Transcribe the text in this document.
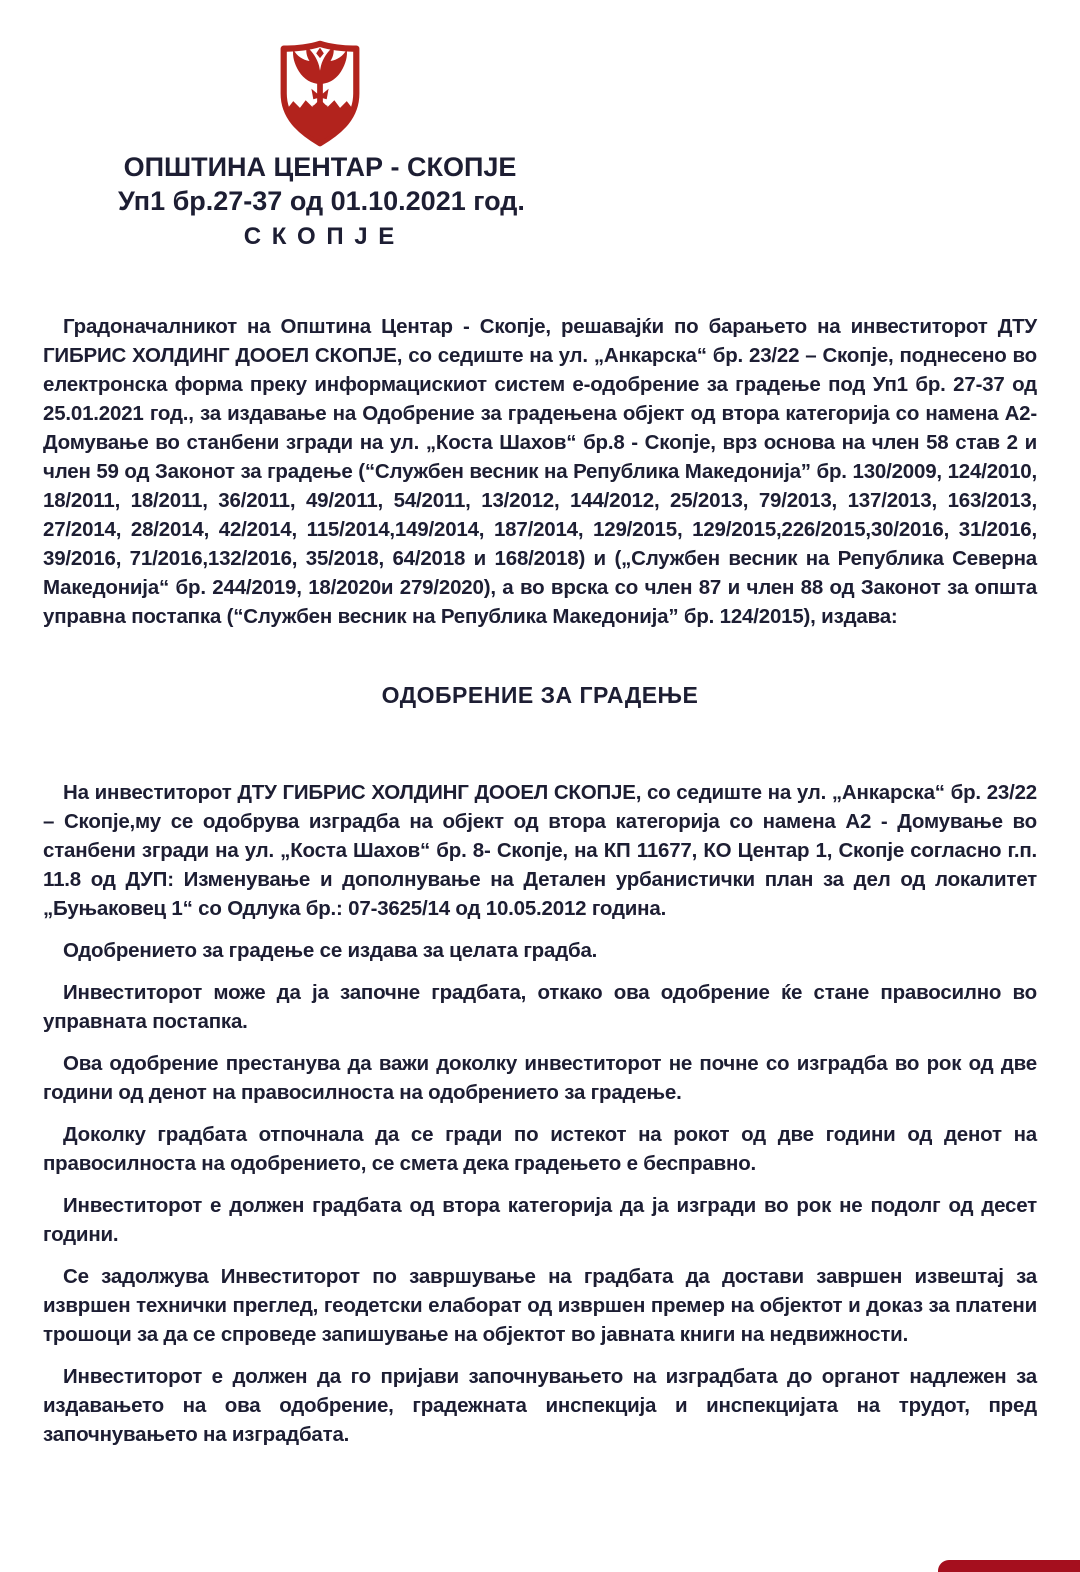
ОПШТИНА ЦЕНТАР - СКОПЈЕ
Уп1 бр.27-37 од 01.10.2021 год.
С К О П Ј Е

Градоначалникот на Општина Центар - Скопје, решавајќи по барањето на инвеститорот ДТУ ГИБРИС ХОЛДИНГ ДООЕЛ СКОПЈЕ, со седиште на ул. „Анкарска“ бр. 23/22 – Скопје, поднесено во електронска форма преку информацискиот систем е-одобрение за градење под Уп1 бр. 27-37 од 25.01.2021 год., за издавање на Одобрение за градењена објект од втора категорија со намена А2-Домување во станбени згради на ул. „Коста Шахов“ бр.8 - Скопје, врз основа на член 58 став 2 и член 59 од Законот за градење (“Службен весник на Република Македонија” бр. 130/2009, 124/2010, 18/2011, 18/2011, 36/2011, 49/2011, 54/2011, 13/2012, 144/2012, 25/2013, 79/2013, 137/2013, 163/2013, 27/2014, 28/2014, 42/2014, 115/2014,149/2014, 187/2014, 129/2015, 129/2015,226/2015,30/2016, 31/2016, 39/2016, 71/2016,132/2016, 35/2018, 64/2018 и 168/2018) и („Службен весник на Република Северна Македонија“ бр. 244/2019, 18/2020и 279/2020), а во врска со член 87 и член 88 од Законот за општа управна постапка (“Службен весник на Република Македонија” бр. 124/2015), издава:

ОДОБРЕНИЕ ЗА ГРАДЕЊЕ

На инвеститорот ДТУ ГИБРИС ХОЛДИНГ ДООЕЛ СКОПЈЕ, со седиште на ул. „Анкарска“ бр. 23/22 – Скопје,му се одобрува изградба на објект од втора категорија со намена А2 - Домување во станбени згради на ул. „Коста Шахов“ бр. 8- Скопје, на КП 11677, КО Центар 1, Скопје согласно г.п. 11.8 од ДУП: Изменување и дополнување на Детален урбанистички план за дел од локалитет „Буњаковец 1“ со Одлука бр.: 07-3625/14 од 10.05.2012 година.

Одобрението за градење се издава за целата градба.

Инвеститорот може да ја започне градбата, откако ова одобрение ќе стане правосилно во управната постапка.

Ова одобрение престанува да важи доколку инвеститорот не почне со изградба во рок од две години од денот на правосилноста на одобрението за градење.

Доколку градбата отпочнала да се гради по истекот на рокот од две години од денот на правосилноста на одобрението, се смета дека градењето е бесправно.

Инвеститорот е должен градбата од втора категорија да ја изгради во рок не подолг од десет години.

Се задолжува Инвеститорот по завршување на градбата да достави завршен извештај за извршен технички преглед, геодетски елаборат од извршен премер на објектот и доказ за платени трошоци за да се спроведе запишување на објектот во јавната книги на недвижности.

Инвеститорот е должен да го пријави започнувањето на изградбата до органот надлежен за издавањето на ова одобрение, градежната инспекција и инспекцијата на трудот, пред започнувањето на изградбата.
